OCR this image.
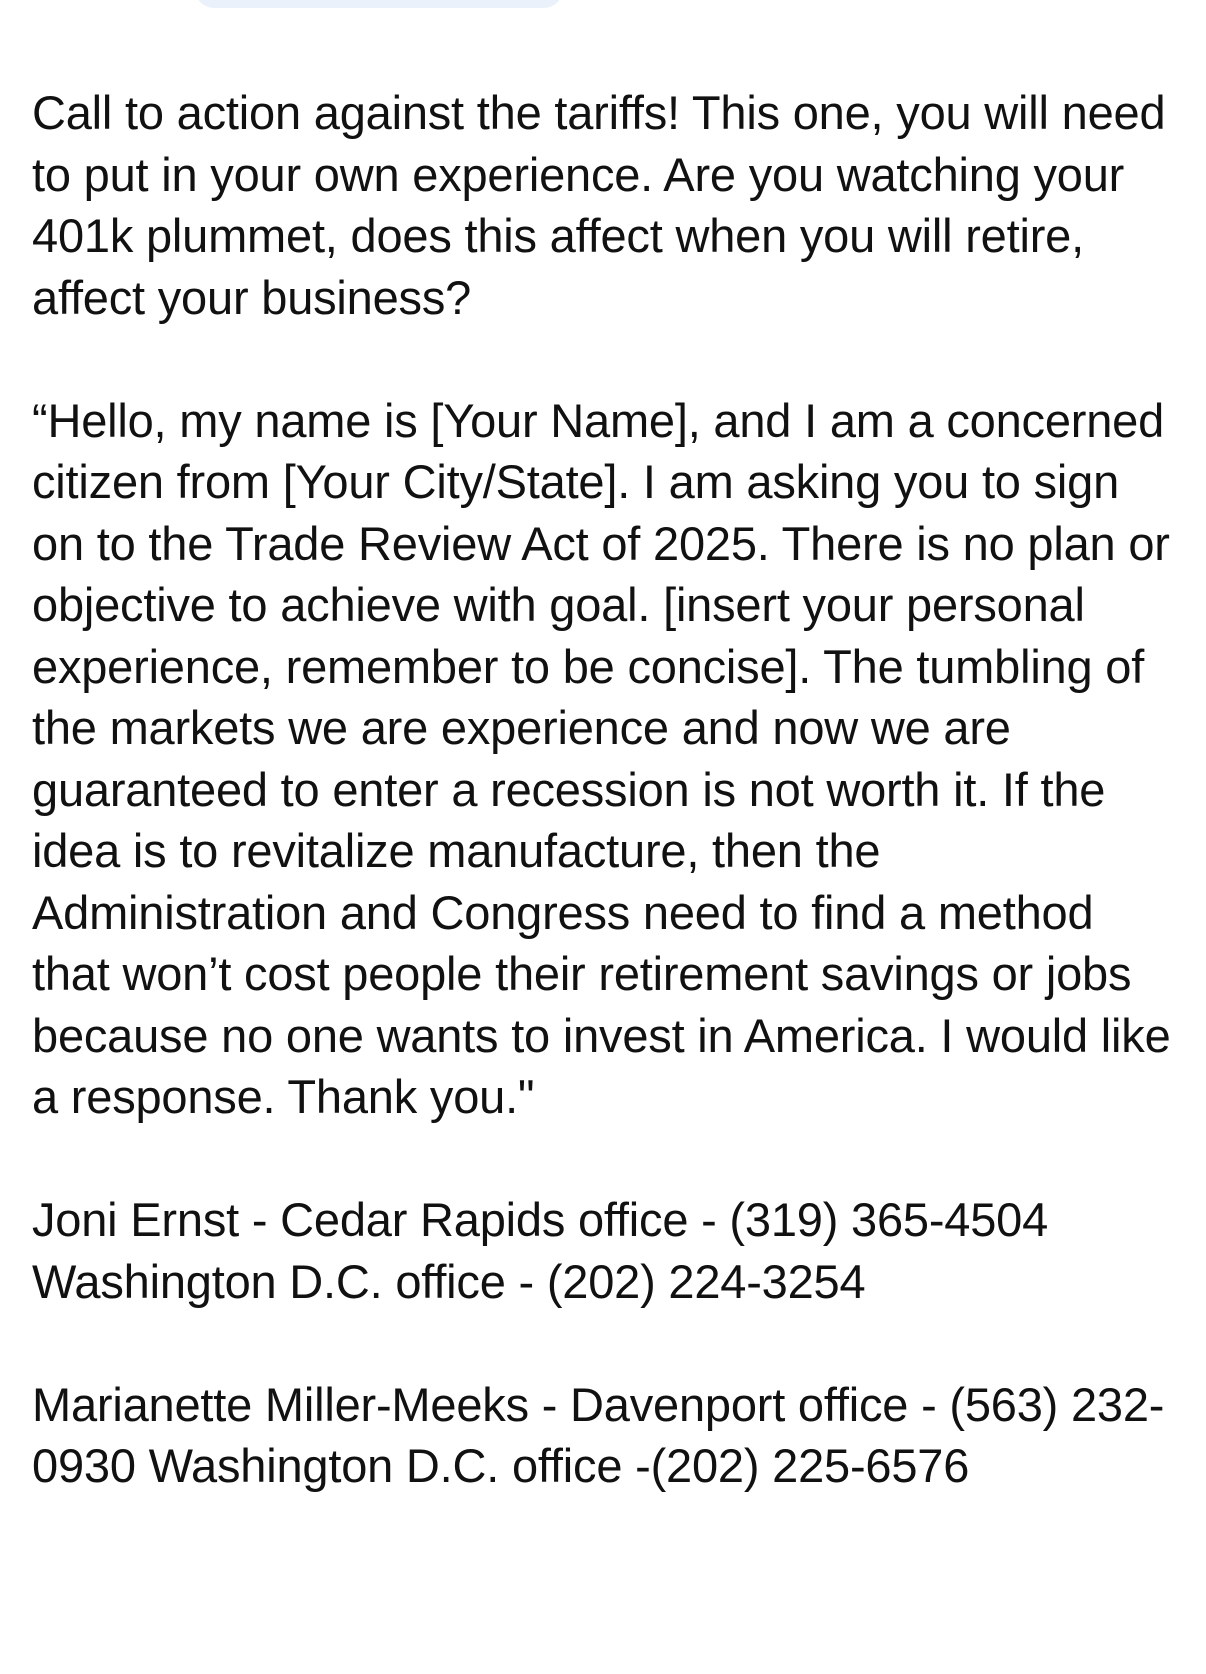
Call to action against the tariffs! This one, you will need to put in your own experience. Are you watching your 401k plummet, does this affect when you will retire, affect your business?

“Hello, my name is [Your Name], and I am a concerned citizen from [Your City/State]. I am asking you to sign on to the Trade Review Act of 2025. There is no plan or objective to achieve with goal. [insert your personal experience, remember to be concise]. The tumbling of the markets we are experience and now we are guaranteed to enter a recession is not worth it. If the idea is to revitalize manufacture, then the Administration and Congress need to find a method that won’t cost people their retirement savings or jobs because no one wants to invest in America. I would like a response. Thank you."

Joni Ernst - Cedar Rapids office - (319) 365-4504 Washington D.C. office - (202) 224-3254

Marianette Miller-Meeks - Davenport office - (563) 232-0930 Washington D.C. office -(202) 225-6576
